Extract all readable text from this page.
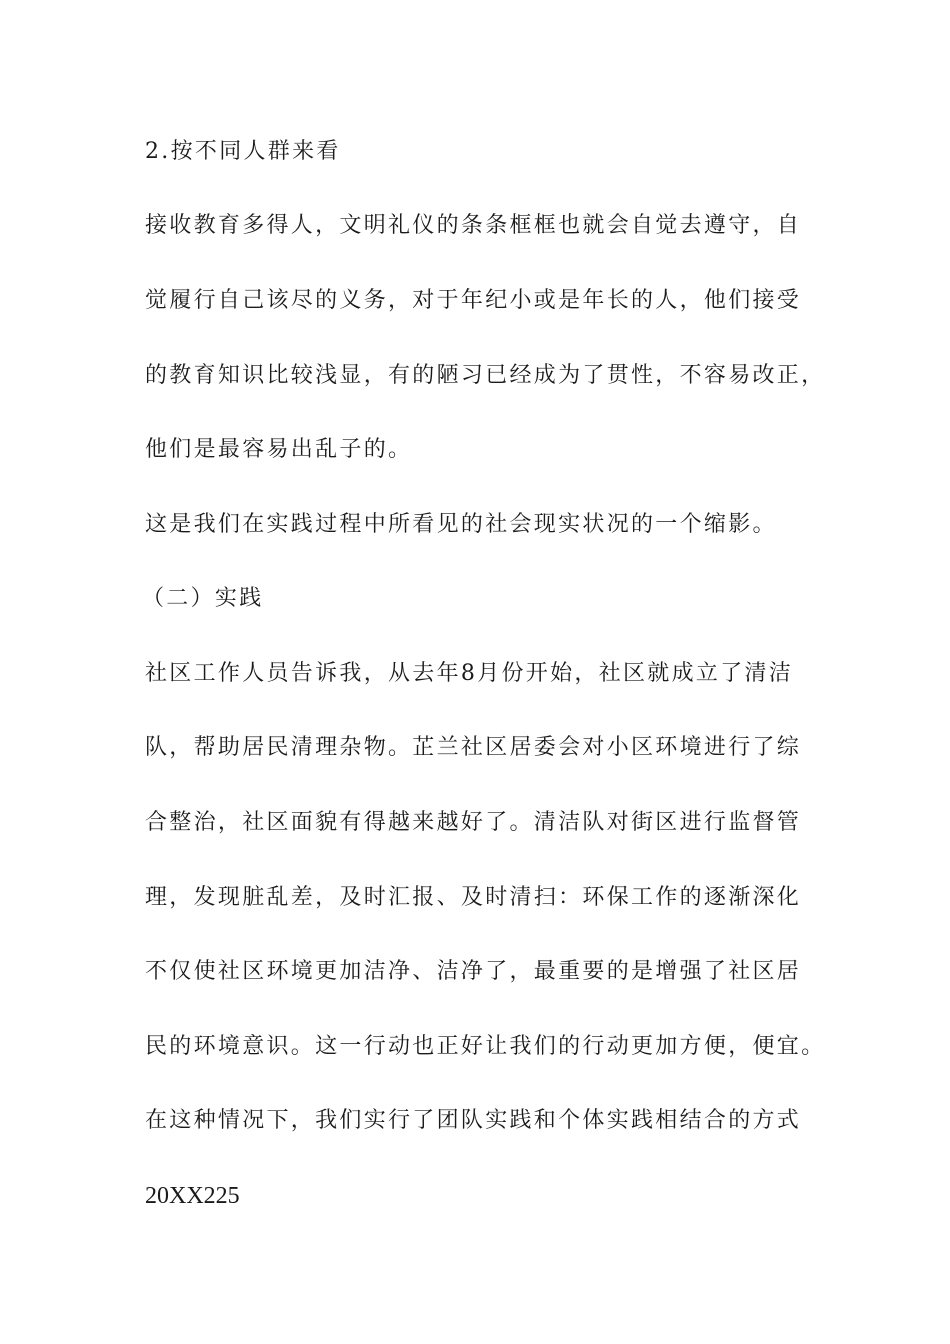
2.按不同人群来看
接收教育多得人，文明礼仪的条条框框也就会自觉去遵守，自
觉履行自己该尽的义务，对于年纪小或是年长的人，他们接受
的教育知识比较浅显，有的陋习已经成为了贯性，不容易改正，
他们是最容易出乱子的。
这是我们在实践过程中所看见的社会现实状况的一个缩影。
（二）实践
社区工作人员告诉我，从去年8月份开始，社区就成立了清洁
队，帮助居民清理杂物。芷兰社区居委会对小区环境进行了综
合整治，社区面貌有得越来越好了。清洁队对街区进行监督管
理，发现脏乱差，及时汇报、及时清扫：环保工作的逐渐深化
不仅使社区环境更加洁净、洁净了，最重要的是增强了社区居
民的环境意识。这一行动也正好让我们的行动更加方便，便宜。
在这种情况下，我们实行了团队实践和个体实践相结合的方式
20XX225
